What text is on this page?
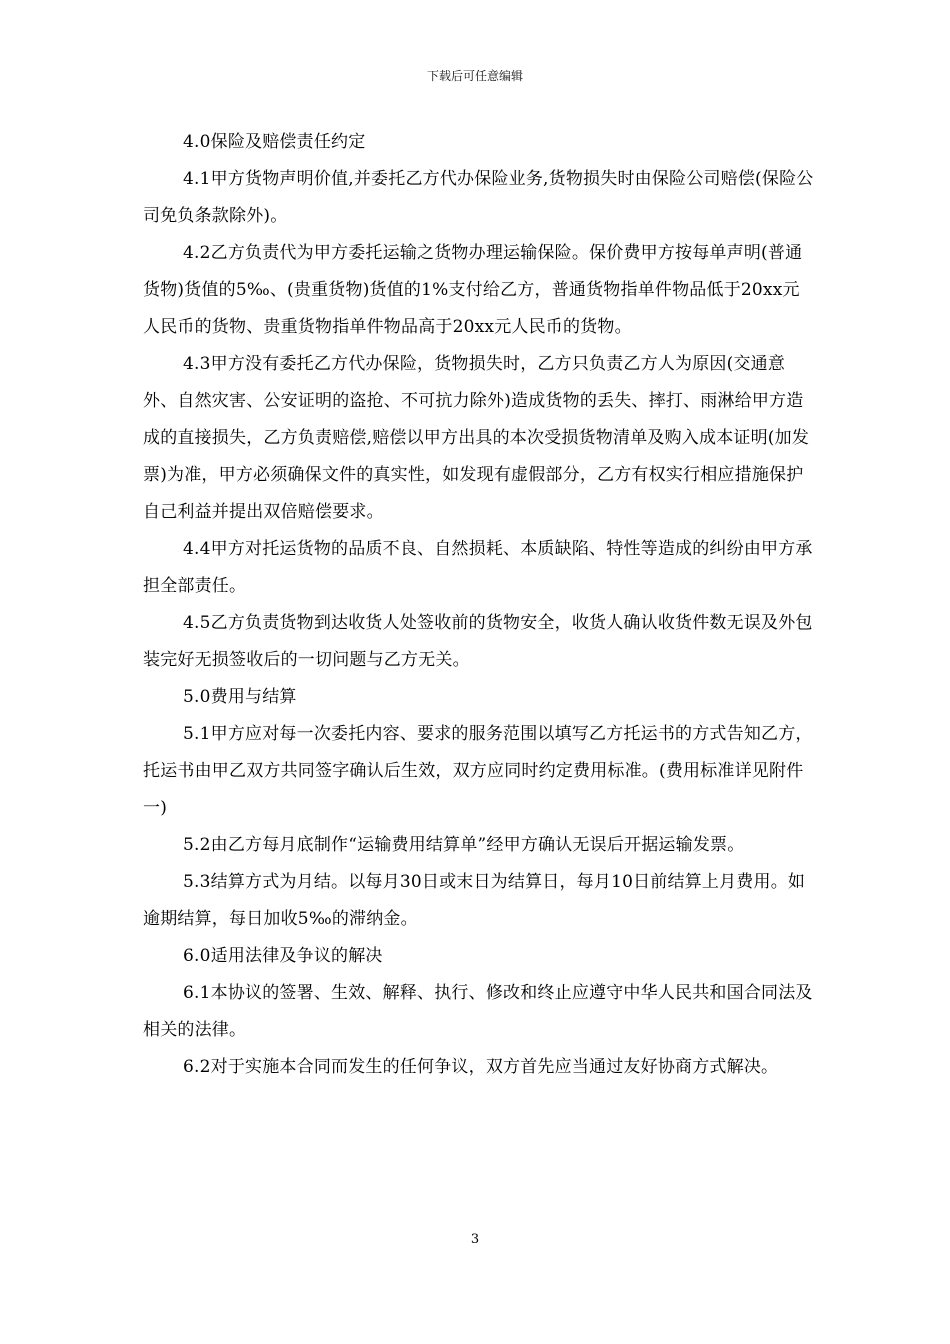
下载后可任意编辑

4.0保险及赔偿责任约定

4.1甲方货物声明价值,并委托乙方代办保险业务,货物损失时由保险公司赔偿(保险公司免负条款除外)。

4.2乙方负责代为甲方委托运输之货物办理运输保险。保价费甲方按每单声明(普通货物)货值的5‰、(贵重货物)货值的1%支付给乙方，普通货物指单件物品低于20xx元人民币的货物、贵重货物指单件物品高于20xx元人民币的货物。

4.3甲方没有委托乙方代办保险，货物损失时，乙方只负责乙方人为原因(交通意外、自然灾害、公安证明的盗抢、不可抗力除外)造成货物的丢失、摔打、雨淋给甲方造成的直接损失，乙方负责赔偿,赔偿以甲方出具的本次受损货物清单及购入成本证明(加发票)为准，甲方必须确保文件的真实性，如发现有虚假部分，乙方有权实行相应措施保护自己利益并提出双倍赔偿要求。

4.4甲方对托运货物的品质不良、自然损耗、本质缺陷、特性等造成的纠纷由甲方承担全部责任。

4.5乙方负责货物到达收货人处签收前的货物安全，收货人确认收货件数无误及外包装完好无损签收后的一切问题与乙方无关。

5.0费用与结算

5.1甲方应对每一次委托内容、要求的服务范围以填写乙方托运书的方式告知乙方，托运书由甲乙双方共同签字确认后生效，双方应同时约定费用标准。(费用标准详见附件一)

5.2由乙方每月底制作“运输费用结算单”经甲方确认无误后开据运输发票。

5.3结算方式为月结。以每月30日或末日为结算日，每月10日前结算上月费用。如逾期结算，每日加收5‰的滞纳金。

6.0适用法律及争议的解决

6.1本协议的签署、生效、解释、执行、修改和终止应遵守中华人民共和国合同法及相关的法律。

6.2对于实施本合同而发生的任何争议，双方首先应当通过友好协商方式解决。

3
